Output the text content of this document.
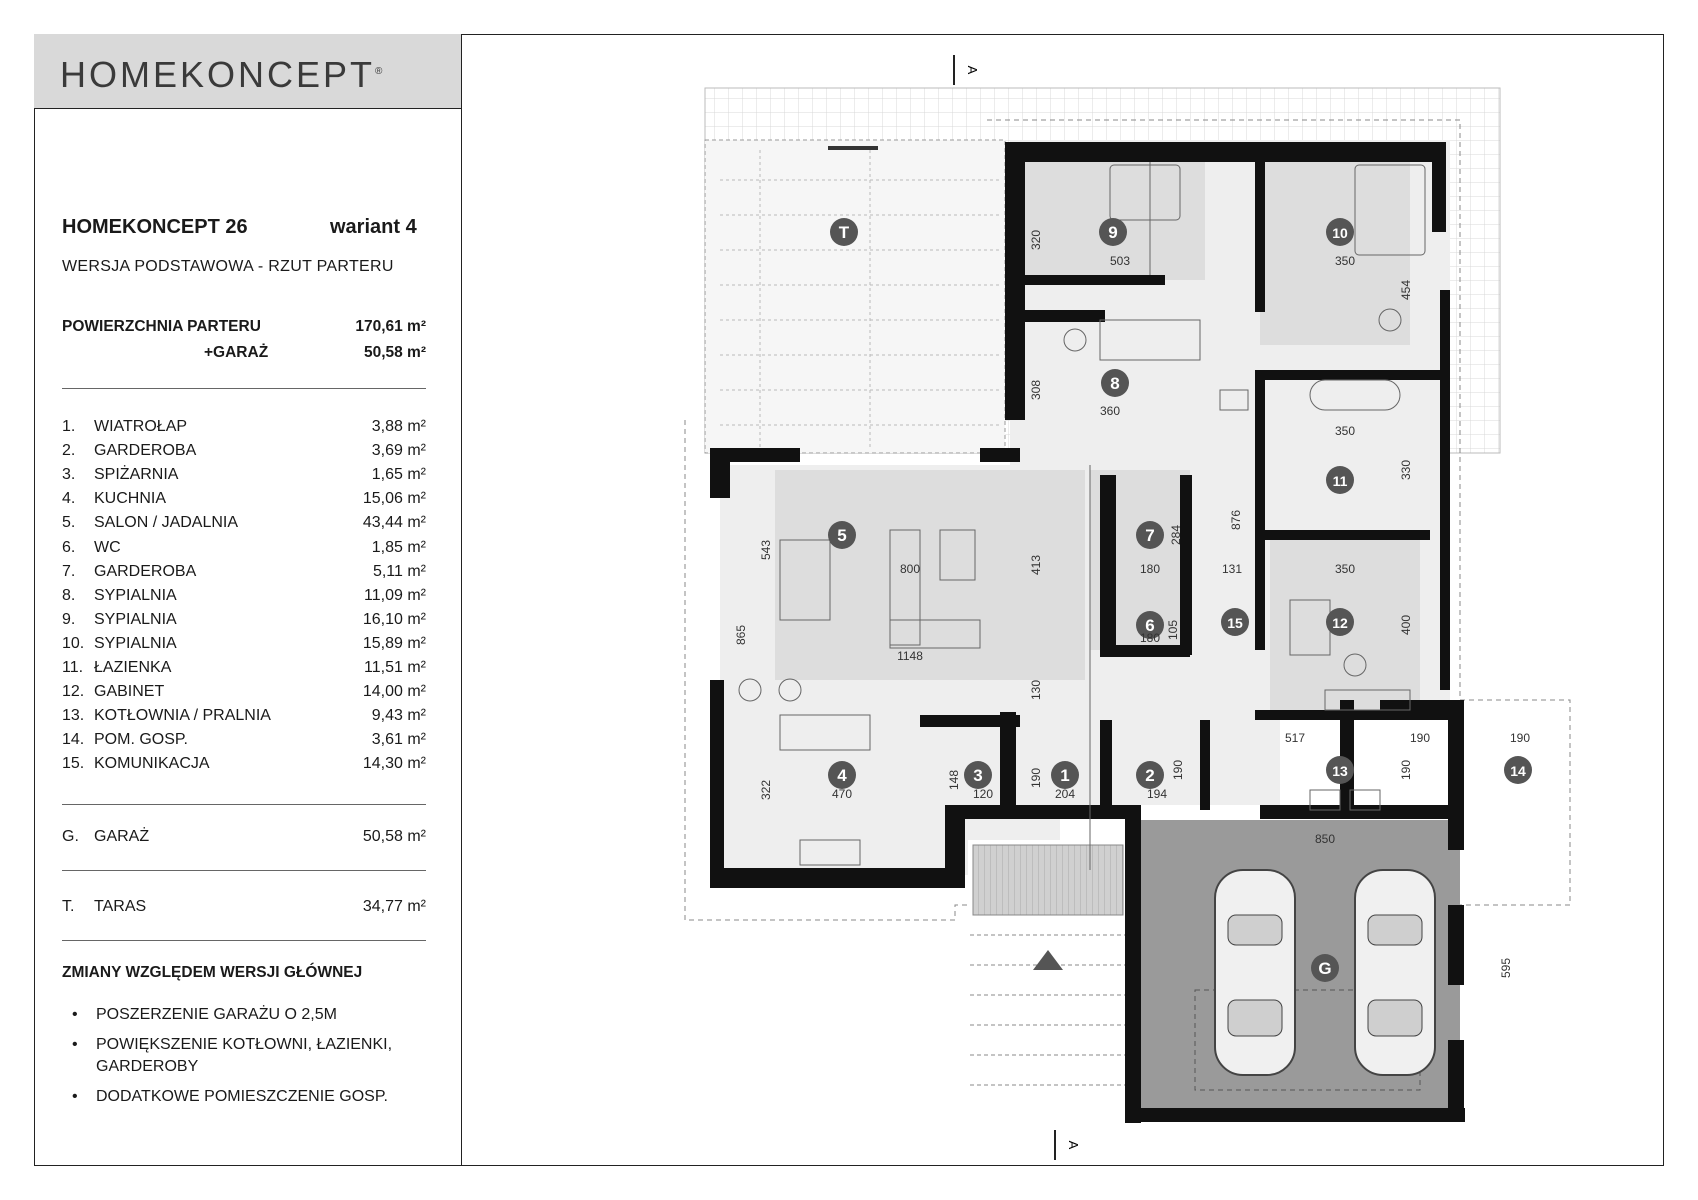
HOMEKONCEPT®
HOMEKONCEPT 26	wariant 4
WERSJA PODSTAWOWA - RZUT PARTERU
POWIERZCHNIA PARTERU	170,61 m²
+GARAŻ	50,58 m²
1. WIATROŁAP	3,88 m²
2. GARDEROBA	3,69 m²
3. SPIŻARNIA	1,65 m²
4. KUCHNIA	15,06 m²
5. SALON / JADALNIA	43,44 m²
6. WC	1,85 m²
7. GARDEROBA	5,11 m²
8. SYPIALNIA	11,09 m²
9. SYPIALNIA	16,10 m²
10. SYPIALNIA	15,89 m²
11. ŁAZIENKA	11,51 m²
12. GABINET	14,00 m²
13. KOTŁOWNIA / PRALNIA	9,43 m²
14. POM. GOSP.	3,61 m²
15. KOMUNIKACJA	14,30 m²
G. GARAŻ	50,58 m²
T. TARAS	34,77 m²
ZMIANY WZGLĘDEM WERSJI GŁÓWNEJ
• POSZERZENIE GARAŻU O 2,5M
• POWIĘKSZENIE KOTŁOWNI, ŁAZIENKI, GARDEROBY
• DODATKOWE POMIESZCZENIE GOSP.
1	2
3
4
5
6
7
8
9	10
11
12
13	14
15
G
T
503	350
454
320
308
360
350
330
876
284
180	131	350
400
543
800	413
865
1148
105
180
130
517	190	190
322	470
148
120
190
204
190
194
190
850
595
A
A
